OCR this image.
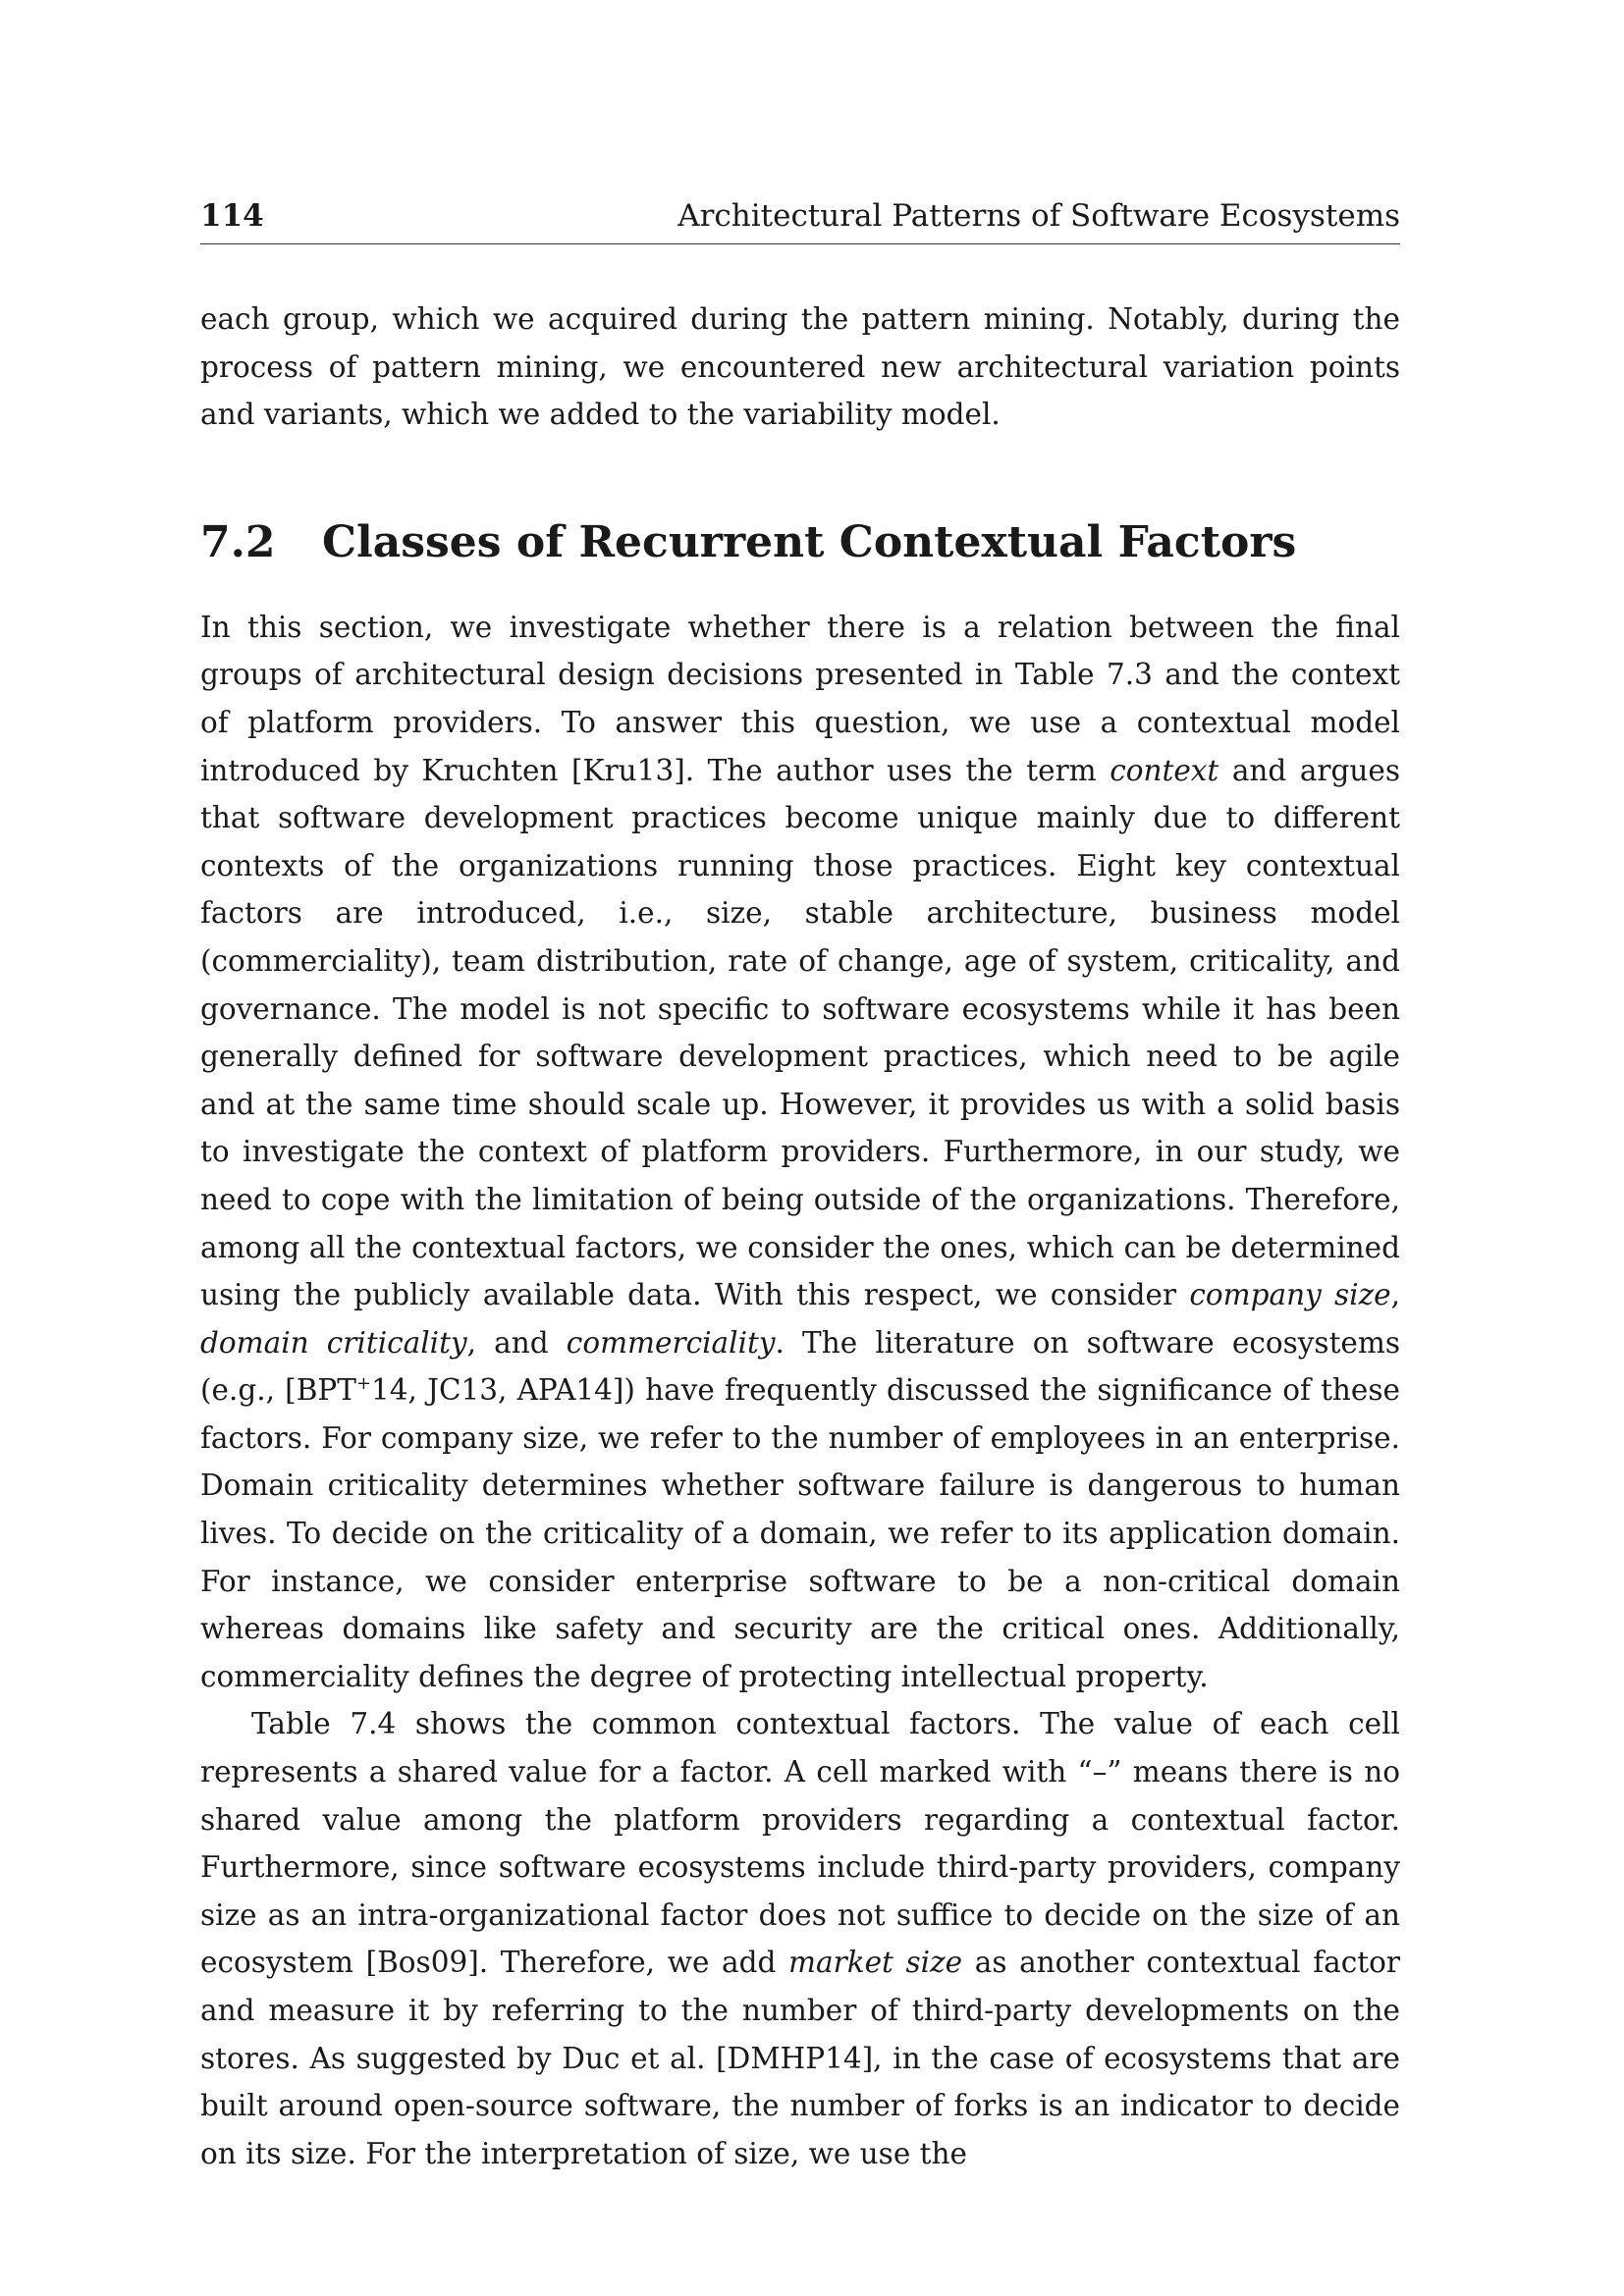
114	Architectural Patterns of Software Ecosystems

each group, which we acquired during the pattern mining. Notably, during the process of pattern mining, we encountered new architectural variation points and variants, which we added to the variability model.

7.2	Classes of Recurrent Contextual Factors

In this section, we investigate whether there is a relation between the final groups of architectural design decisions presented in Table 7.3 and the context of platform providers. To answer this question, we use a contextual model introduced by Kruchten [Kru13]. The author uses the term context and argues that software development practices become unique mainly due to different contexts of the organizations running those practices. Eight key contextual factors are introduced, i.e., size, stable architecture, business model (commerciality), team distribution, rate of change, age of system, criticality, and governance. The model is not specific to software ecosystems while it has been generally defined for software development practices, which need to be agile and at the same time should scale up. However, it provides us with a solid basis to investigate the context of platform providers. Furthermore, in our study, we need to cope with the limitation of being outside of the organizations. Therefore, among all the contextual factors, we consider the ones, which can be determined using the publicly available data. With this respect, we consider company size, domain criticality, and commerciality. The literature on software ecosystems (e.g., [BPT+14, JC13, APA14]) have frequently discussed the significance of these factors. For company size, we refer to the number of employees in an enterprise. Domain criticality determines whether software failure is dangerous to human lives. To decide on the criticality of a domain, we refer to its application domain. For instance, we consider enterprise software to be a non-critical domain whereas domains like safety and security are the critical ones. Additionally, commerciality defines the degree of protecting intellectual property.

Table 7.4 shows the common contextual factors. The value of each cell represents a shared value for a factor. A cell marked with “–” means there is no shared value among the platform providers regarding a contextual factor. Furthermore, since software ecosystems include third-party providers, company size as an intra-organizational factor does not suffice to decide on the size of an ecosystem [Bos09]. Therefore, we add market size as another contextual factor and measure it by referring to the number of third-party developments on the stores. As suggested by Duc et al. [DMHP14], in the case of ecosystems that are built around open-source software, the number of forks is an indicator to decide on its size. For the interpretation of size, we use the
